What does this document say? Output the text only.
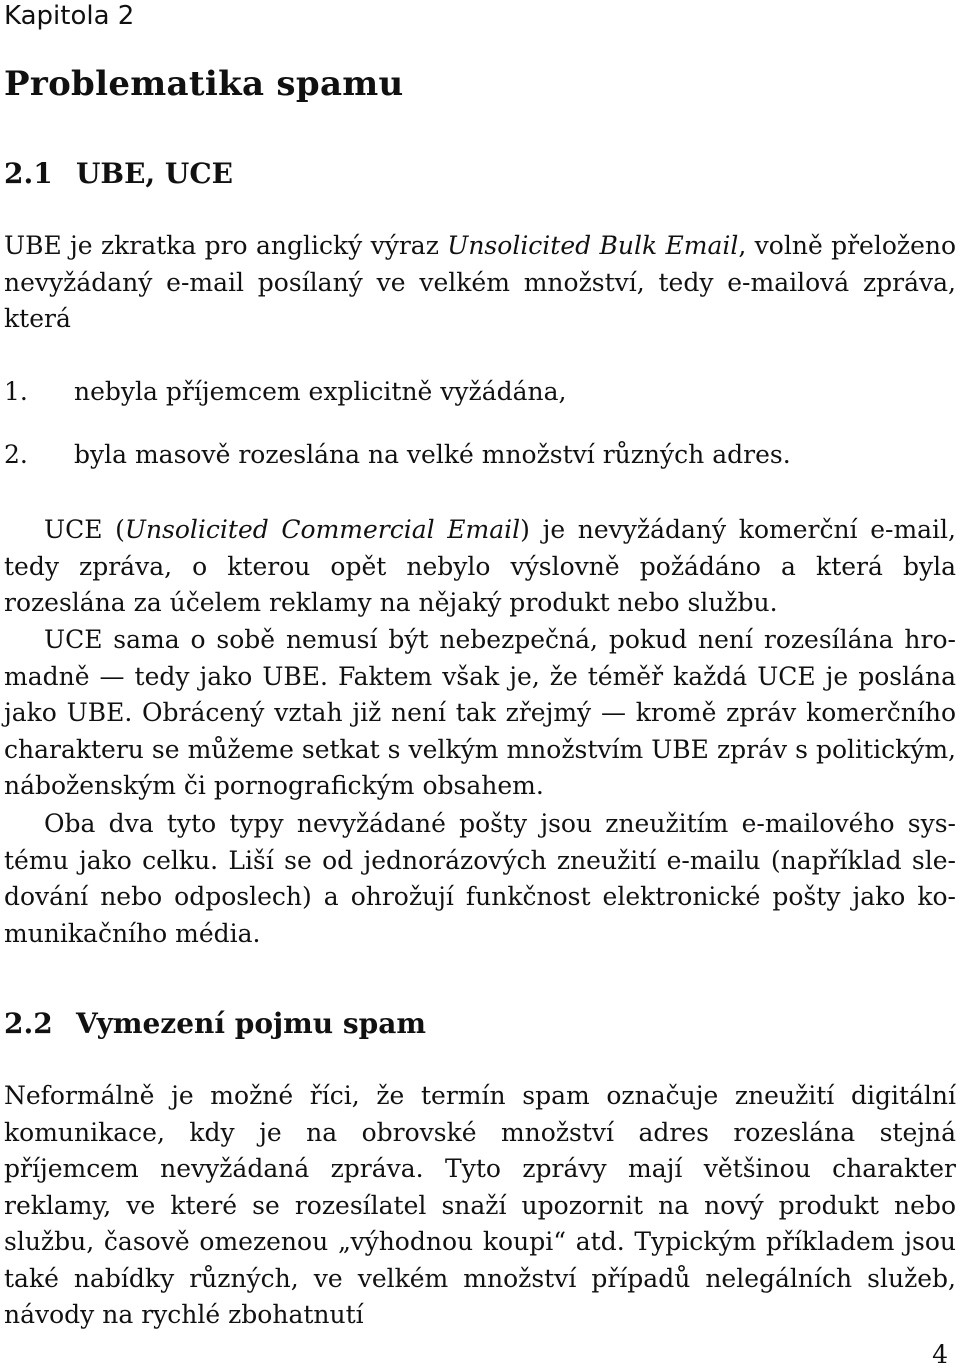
Kapitola 2

Problematika spamu
2.1 UBE, UCE

UBE je zkratka pro anglický výraz Unsolicited Bulk Email, volně přeloženo nevyžádaný e-mail posílaný ve velkém množství, tedy e-mailová zpráva, která

1. nebyla příjemcem explicitně vyžádána,
2. byla masově rozeslána na velké množství různých adres.

UCE (Unsolicited Commercial Email) je nevyžádaný komerční e-mail, tedy zpráva, o kterou opět nebylo výslovně požádáno a která byla rozeslána za účelem reklamy na nějaký produkt nebo službu.

UCE sama o sobě nemusí být nebezpečná, pokud není rozesílána hromadně — tedy jako UBE. Faktem však je, že téměř každá UCE je poslána jako UBE. Obrácený vztah již není tak zřejmý — kromě zpráv komerčního charakteru se můžeme setkat s velkým množstvím UBE zpráv s politickým, náboženským či pornografickým obsahem.

Oba dva tyto typy nevyžádané pošty jsou zneužitím e-mailového systému jako celku. Liší se od jednorázových zneužití e-mailu (například sledování nebo odposlech) a ohrožují funkčnost elektronické pošty jako komunikačního média.

2.2 Vymezení pojmu spam

Neformálně je možné říci, že termín spam označuje zneužití digitální komunikace, kdy je na obrovské množství adres rozeslána stejná příjemcem nevyžádaná zpráva. Tyto zprávy mají většinou charakter reklamy, ve které se rozesílatel snaží upozornit na nový produkt nebo službu, časově omezenou „výhodnou koupi“ atd. Typickým příkladem jsou také nabídky různých, ve velkém množství případů nelegálních služeb, návody na rychlé zbohatnutí

4
